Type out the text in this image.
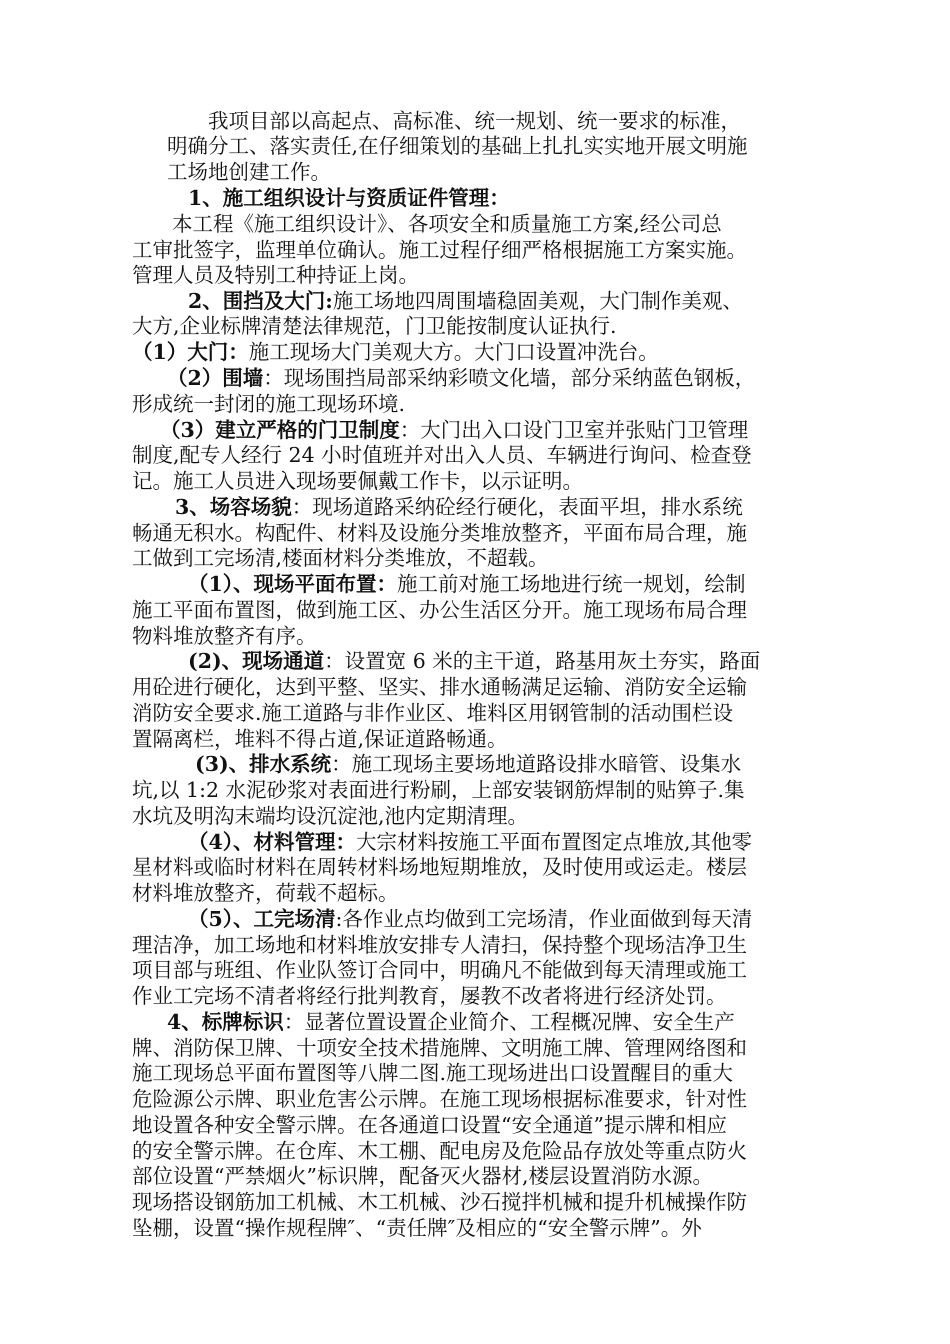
我项目部以高起点、高标准、统一规划、统一要求的标准，
明确分工、落实责任,在仔细策划的基础上扎扎实实地开展文明施
工场地创建工作。
1、施工组织设计与资质证件管理：
本工程《施工组织设计》、各项安全和质量施工方案,经公司总
工审批签字，监理单位确认。施工过程仔细严格根据施工方案实施。
管理人员及特别工种持证上岗。
2、围挡及大门:施工场地四周围墙稳固美观，大门制作美观、
大方,企业标牌清楚法律规范，门卫能按制度认证执行.
（1）大门：施工现场大门美观大方。大门口设置冲洗台。
（2）围墙：现场围挡局部采纳彩喷文化墙，部分采纳蓝色钢板，
形成统一封闭的施工现场环境.
（3）建立严格的门卫制度：大门出入口设门卫室并张贴门卫管理
制度,配专人经行 24 小时值班并对出入人员、车辆进行询问、检查登
记。施工人员进入现场要佩戴工作卡，以示证明。
3、场容场貌：现场道路采纳砼经行硬化，表面平坦，排水系统
畅通无积水。构配件、材料及设施分类堆放整齐，平面布局合理，施
工做到工完场清,楼面材料分类堆放，不超载。
（1）、现场平面布置：施工前对施工场地进行统一规划，绘制
施工平面布置图，做到施工区、办公生活区分开。施工现场布局合理
物料堆放整齐有序。
(2)、现场通道：设置宽 6 米的主干道，路基用灰土夯实，路面
用砼进行硬化，达到平整、坚实、排水通畅满足运输、消防安全运输
消防安全要求.施工道路与非作业区、堆料区用钢管制的活动围栏设
置隔离栏，堆料不得占道,保证道路畅通。
(3)、排水系统：施工现场主要场地道路设排水暗管、设集水
坑,以 1:2 水泥砂浆对表面进行粉刷，上部安装钢筋焊制的贴箅子.集
水坑及明沟末端均设沉淀池,池内定期清理。
（4）、材料管理：大宗材料按施工平面布置图定点堆放,其他零
星材料或临时材料在周转材料场地短期堆放，及时使用或运走。楼层
材料堆放整齐，荷载不超标。
（5）、工完场清:各作业点均做到工完场清，作业面做到每天清
理洁净，加工场地和材料堆放安排专人清扫，保持整个现场洁净卫生
项目部与班组、作业队签订合同中，明确凡不能做到每天清理或施工
作业工完场不清者将经行批判教育，屡教不改者将进行经济处罚。
4、标牌标识：显著位置设置企业简介、工程概况牌、安全生产
牌、消防保卫牌、十项安全技术措施牌、文明施工牌、管理网络图和
施工现场总平面布置图等八牌二图.施工现场进出口设置醒目的重大
危险源公示牌、职业危害公示牌。在施工现场根据标准要求，针对性
地设置各种安全警示牌。在各通道口设置“安全通道”提示牌和相应
的安全警示牌。在仓库、木工棚、配电房及危险品存放处等重点防火
部位设置“严禁烟火”标识牌，配备灭火器材,楼层设置消防水源。
现场搭设钢筋加工机械、木工机械、沙石搅拌机械和提升机械操作防
坠棚，设置“操作规程牌″、“责任牌″及相应的“安全警示牌”。外
